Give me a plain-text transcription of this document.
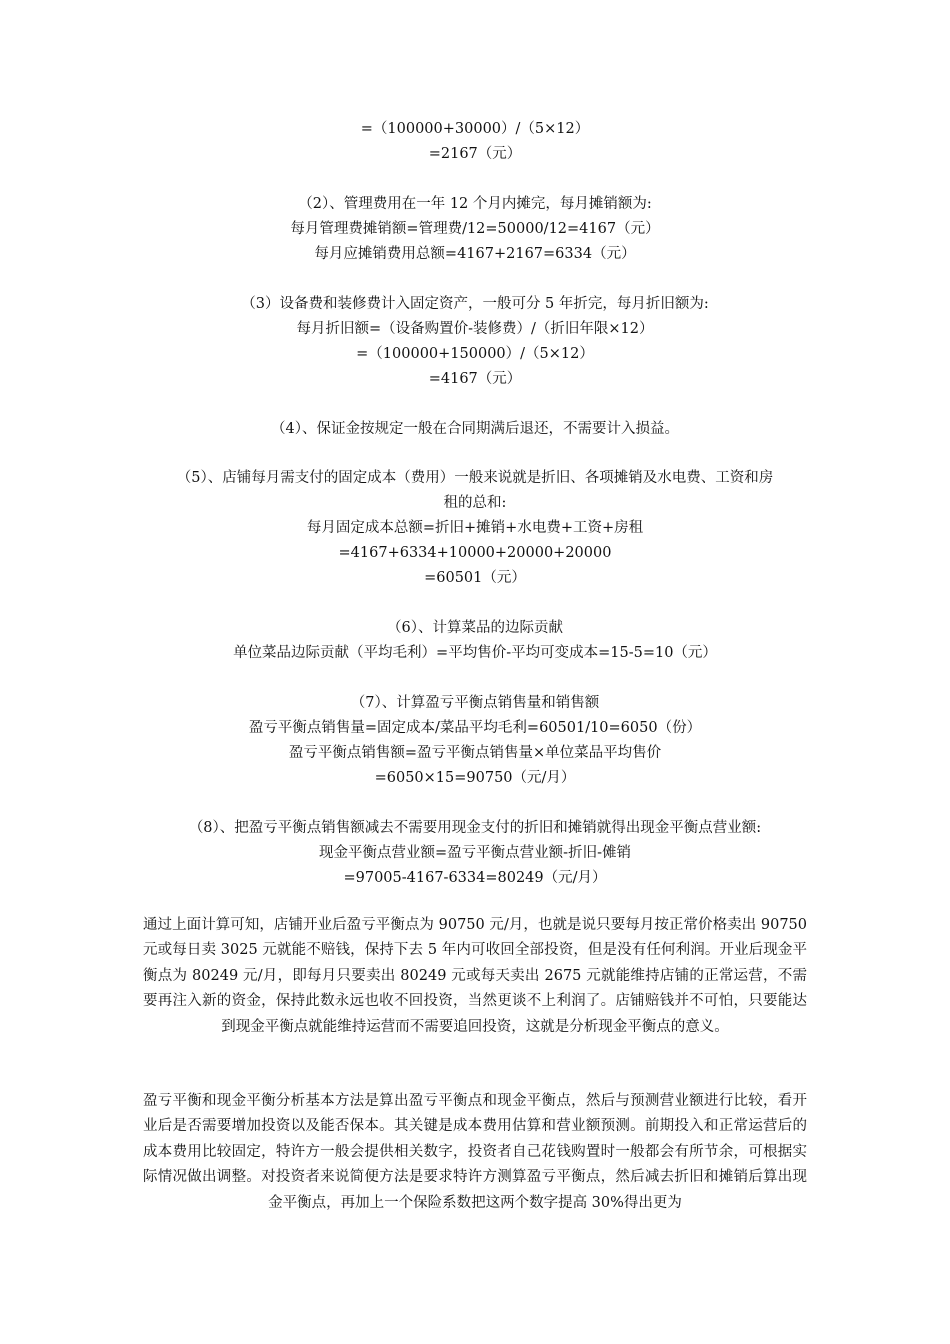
=（100000+30000）/（5×12）
=2167（元）
（2）、管理费用在一年 12 个月内摊完，每月摊销额为:
每月管理费摊销额=管理费/12=50000/12=4167（元）
每月应摊销费用总额=4167+2167=6334（元）
（3）设备费和装修费计入固定资产，一般可分 5 年折完，每月折旧额为:
每月折旧额=（设备购置价-装修费）/（折旧年限×12）
=（100000+150000）/（5×12）
=4167（元）
（4）、保证金按规定一般在合同期满后退还，不需要计入损益。
（5）、店铺每月需支付的固定成本（费用）一般来说就是折旧、各项摊销及水电费、工资和房
租的总和:
每月固定成本总额=折旧+摊销+水电费+工资+房租
=4167+6334+10000+20000+20000
=60501（元）
（6）、计算菜品的边际贡献
单位菜品边际贡献（平均毛利）=平均售价-平均可变成本=15-5=10（元）
（7）、计算盈亏平衡点销售量和销售额
盈亏平衡点销售量=固定成本/菜品平均毛利=60501/10=6050（份）
盈亏平衡点销售额=盈亏平衡点销售量×单位菜品平均售价
=6050×15=90750（元/月）
（8）、把盈亏平衡点销售额减去不需要用现金支付的折旧和摊销就得出现金平衡点营业额:
现金平衡点营业额=盈亏平衡点营业额-折旧-傩销
=97005-4167-6334=80249（元/月）
通过上面计算可知，店铺开业后盈亏平衡点为 90750 元/月，也就是说只要每月按正常价格卖出 90750 元或每日卖 3025 元就能不赔钱，保持下去 5 年内可收回全部投资，但是没有任何利润。开业后现金平衡点为 80249 元/月，即每月只要卖出 80249 元或每天卖出 2675 元就能维持店铺的正常运营，不需要再注入新的资金，保持此数永远也收不回投资，当然更谈不上利润了。店铺赔钱并不可怕，只要能达到现金平衡点就能维持运营而不需要追回投资，这就是分析现金平衡点的意义。
盈亏平衡和现金平衡分析基本方法是算出盈亏平衡点和现金平衡点，然后与预测营业额进行比较，看开业后是否需要增加投资以及能否保本。其关键是成本费用估算和营业额预测。前期投入和正常运营后的成本费用比较固定，特许方一般会提供相关数字，投资者自己花钱购置时一般都会有所节余，可根据实际情况做出调整。对投资者来说简便方法是要求特许方测算盈亏平衡点，然后减去折旧和摊销后算出现金平衡点，再加上一个保险系数把这两个数字提高 30%得出更为
